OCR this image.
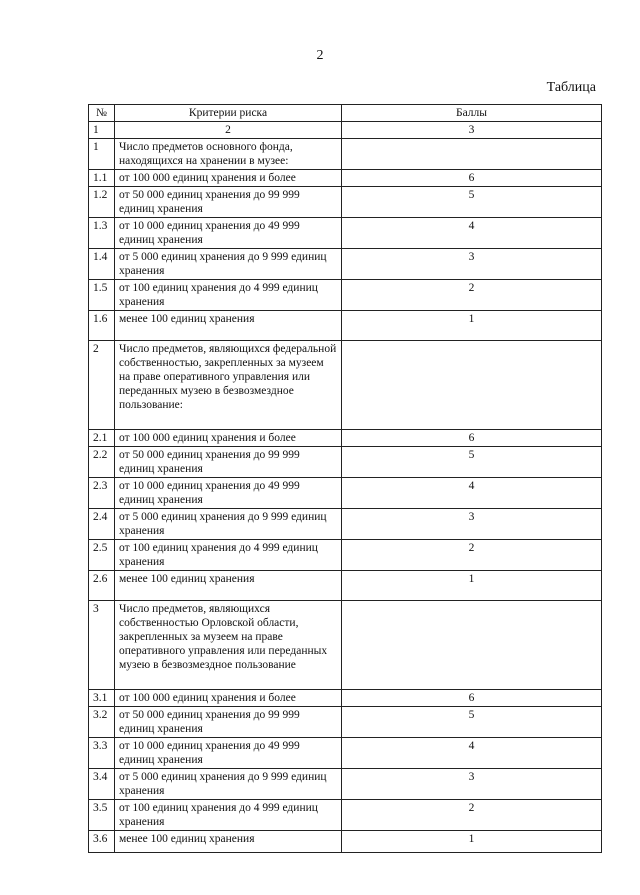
2
Таблица
№	Критерии риска	Баллы
1	2	3
1	Число предметов основного фонда, находящихся на хранении в музее:	
1.1	от 100 000 единиц хранения и более	6
1.2	от 50 000 единиц хранения до 99 999 единиц хранения	5
1.3	от 10 000 единиц хранения до 49 999 единиц хранения	4
1.4	от 5 000 единиц хранения до 9 999 единиц хранения	3
1.5	от 100 единиц хранения до 4 999 единиц хранения	2
1.6	менее 100 единиц хранения	1
2	Число предметов, являющихся федеральной собственностью, закрепленных за музеем на праве оперативного управления или переданных музею в безвозмездное пользование:	
2.1	от 100 000 единиц хранения и более	6
2.2	от 50 000 единиц хранения до 99 999 единиц хранения	5
2.3	от 10 000 единиц хранения до 49 999 единиц хранения	4
2.4	от 5 000 единиц хранения до 9 999 единиц хранения	3
2.5	от 100 единиц хранения до 4 999 единиц хранения	2
2.6	менее 100 единиц хранения	1
3	Число предметов, являющихся собственностью Орловской области, закрепленных за музеем на праве оперативного управления или переданных музею в безвозмездное пользование	
3.1	от 100 000 единиц хранения и более	6
3.2	от 50 000 единиц хранения до 99 999 единиц хранения	5
3.3	от 10 000 единиц хранения до 49 999 единиц хранения	4
3.4	от 5 000 единиц хранения до 9 999 единиц хранения	3
3.5	от 100 единиц хранения до 4 999 единиц хранения	2
3.6	менее 100 единиц хранения	1
